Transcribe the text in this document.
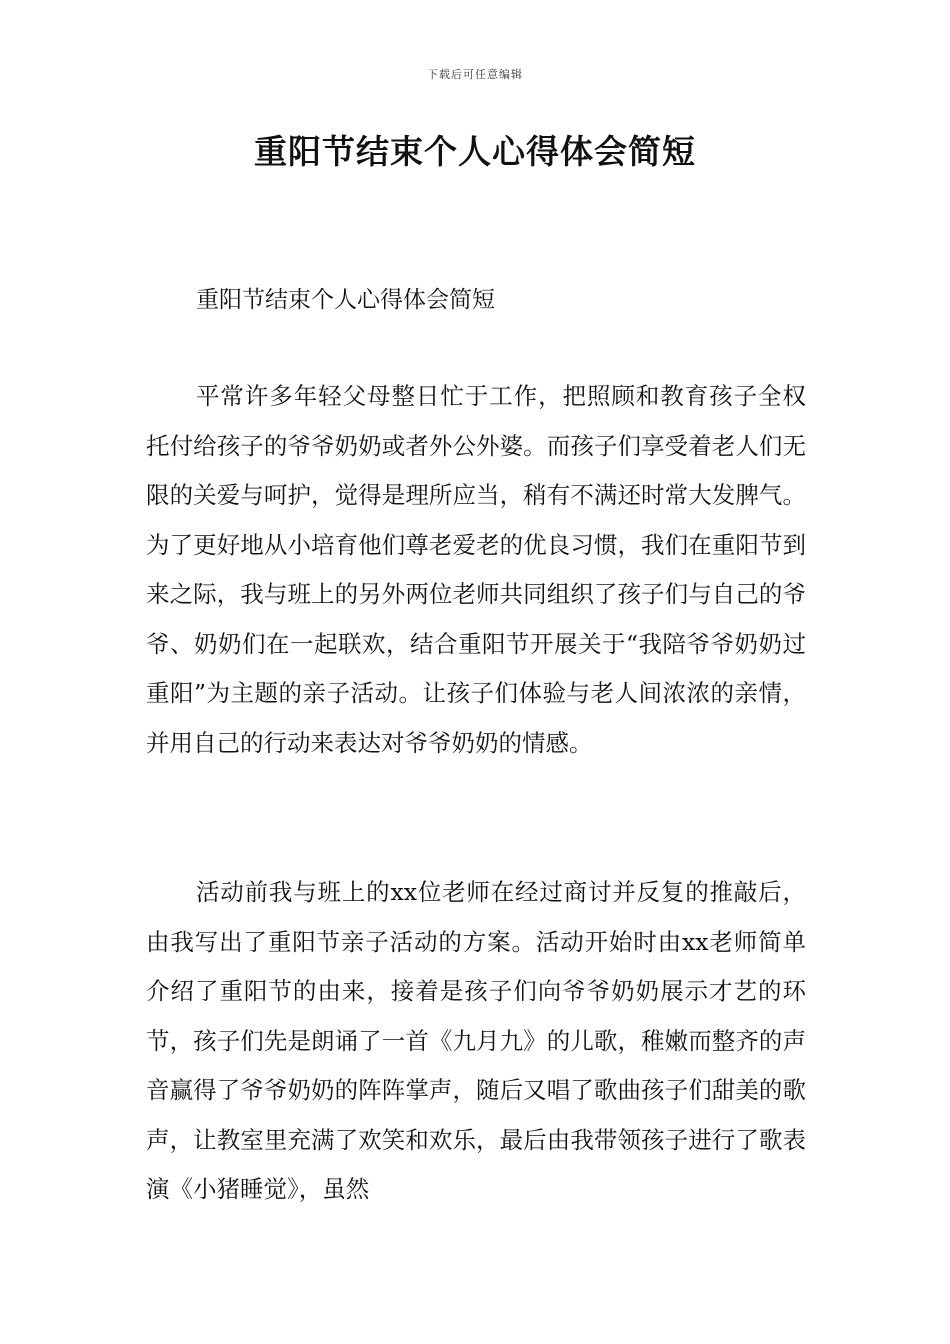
下载后可任意编辑
重阳节结束个人心得体会简短
重阳节结束个人心得体会简短

平常许多年轻父母整日忙于工作，把照顾和教育孩子全权托付给孩子的爷爷奶奶或者外公外婆。而孩子们享受着老人们无限的关爱与呵护，觉得是理所应当，稍有不满还时常大发脾气。为了更好地从小培育他们尊老爱老的优良习惯，我们在重阳节到来之际，我与班上的另外两位老师共同组织了孩子们与自己的爷爷、奶奶们在一起联欢，结合重阳节开展关于“我陪爷爷奶奶过重阳”为主题的亲子活动。让孩子们体验与老人间浓浓的亲情，并用自己的行动来表达对爷爷奶奶的情感。

活动前我与班上的xx位老师在经过商讨并反复的推敲后，由我写出了重阳节亲子活动的方案。活动开始时由xx老师简单介绍了重阳节的由来，接着是孩子们向爷爷奶奶展示才艺的环节，孩子们先是朗诵了一首《九月九》的儿歌，稚嫩而整齐的声音赢得了爷爷奶奶的阵阵掌声，随后又唱了歌曲孩子们甜美的歌声，让教室里充满了欢笑和欢乐，最后由我带领孩子进行了歌表演《小猪睡觉》，虽然
